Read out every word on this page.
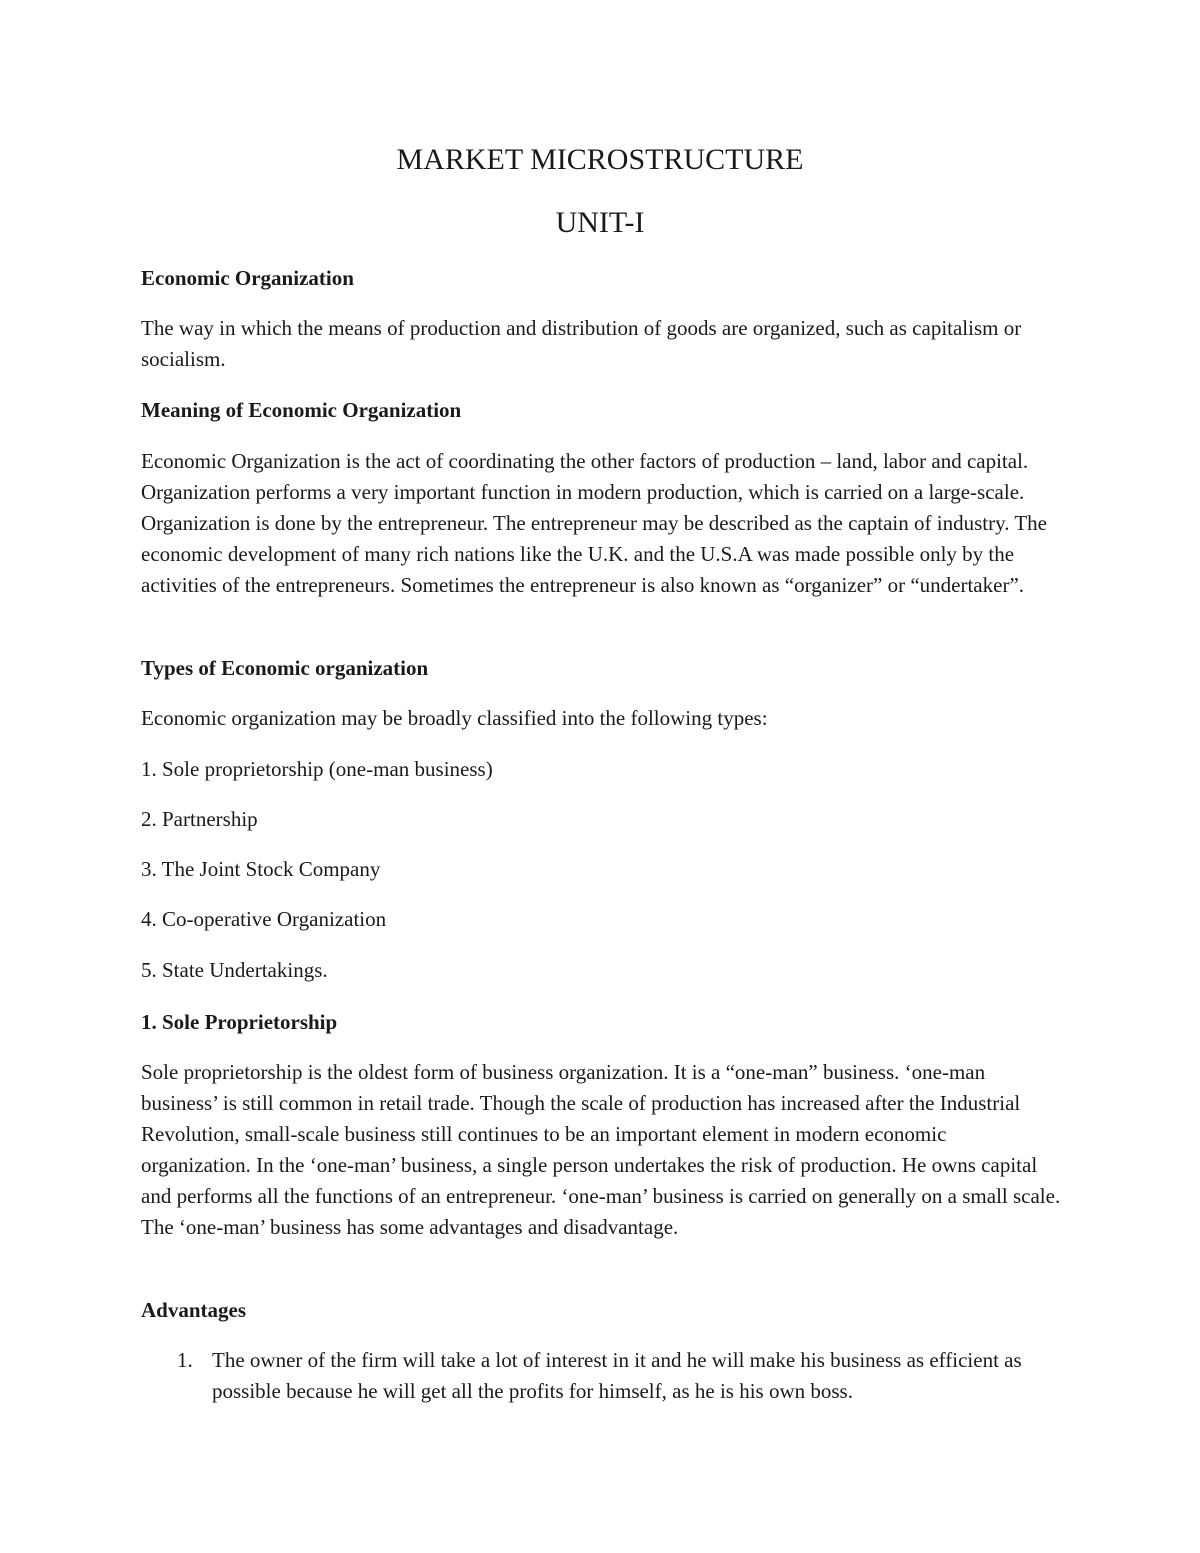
MARKET MICROSTRUCTURE
UNIT-I
Economic Organization

The way in which the means of production and distribution of goods are organized, such as capitalism or socialism.

Meaning of Economic Organization

Economic Organization is the act of coordinating the other factors of production – land, labor and capital. Organization performs a very important function in modern production, which is carried on a large-scale. Organization is done by the entrepreneur. The entrepreneur may be described as the captain of industry. The economic development of many rich nations like the U.K. and the U.S.A was made possible only by the activities of the entrepreneurs. Sometimes the entrepreneur is also known as “organizer” or “undertaker”.

Types of Economic organization

Economic organization may be broadly classified into the following types:

1. Sole proprietorship (one-man business)

2. Partnership

3. The Joint Stock Company

4. Co-operative Organization

5. State Undertakings.

1. Sole Proprietorship

Sole proprietorship is the oldest form of business organization. It is a “one-man” business. ‘one-man business’ is still common in retail trade. Though the scale of production has increased after the Industrial Revolution, small-scale business still continues to be an important element in modern economic organization. In the ‘one-man’ business, a single person undertakes the risk of production. He owns capital and performs all the functions of an entrepreneur. ‘one-man’ business is carried on generally on a small scale. The ‘one-man’ business has some advantages and disadvantage.

Advantages
1. The owner of the firm will take a lot of interest in it and he will make his business as efficient as possible because he will get all the profits for himself, as he is his own boss.
